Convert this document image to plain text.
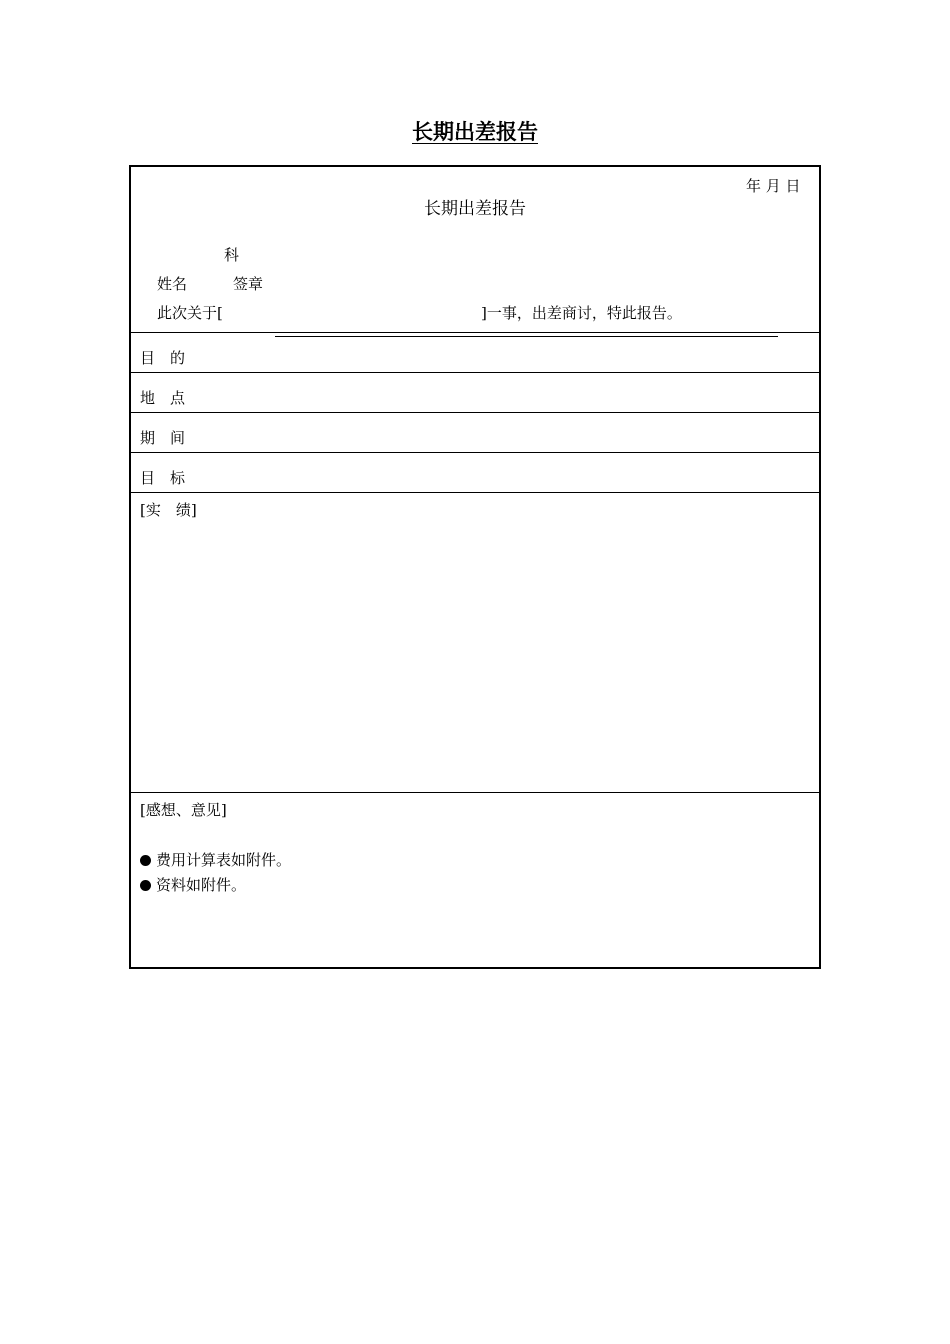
长期出差报告
年 月 日
长期出差报告
科
姓名	签章
此次关于[	]一事，出差商讨，特此报告。
目　的
地　点
期　间
目　标
[实　绩]
[感想、意见]
费用计算表如附件。
资料如附件。
